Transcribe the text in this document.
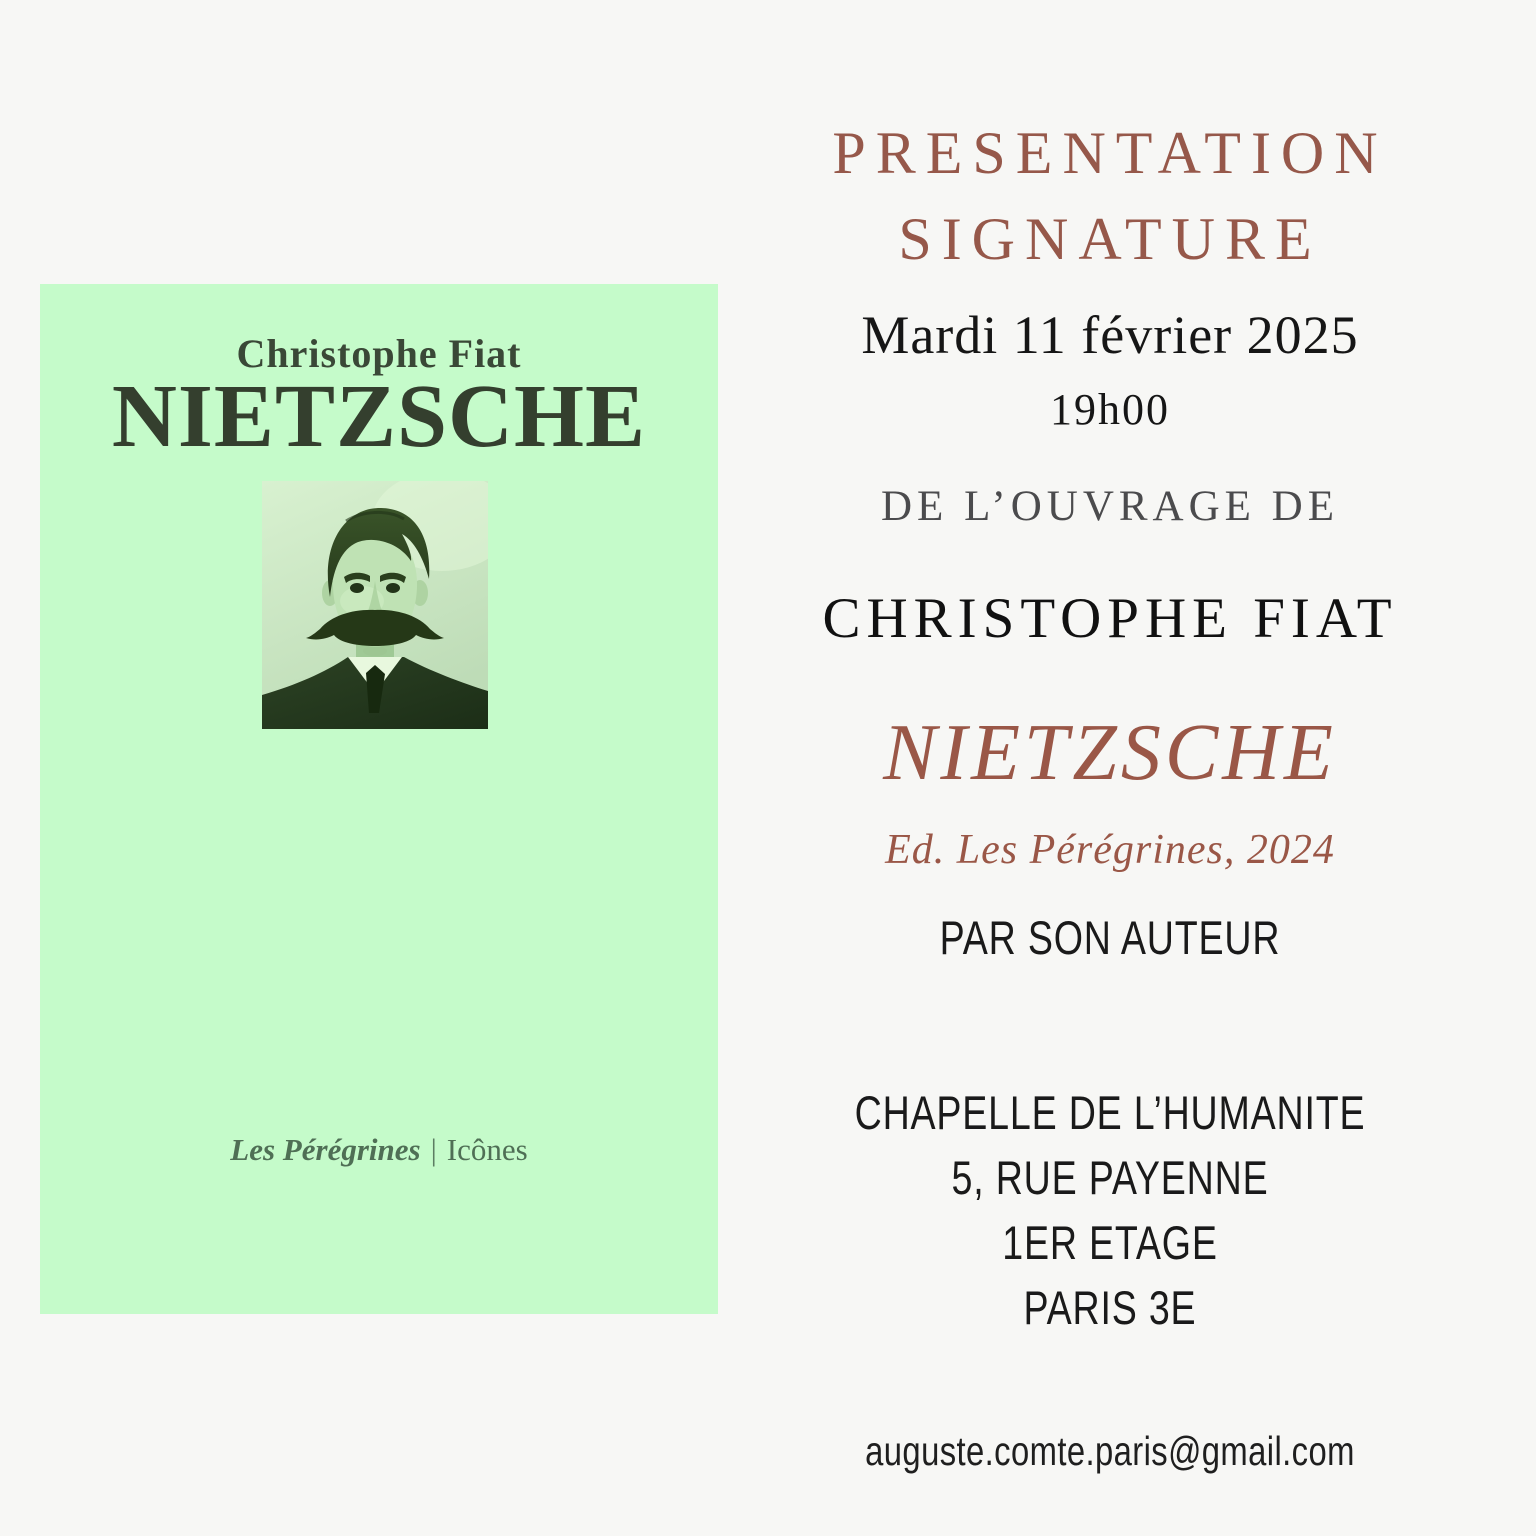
Christophe Fiat
NIETZSCHE
Les Pérégrines | Icônes
PRESENTATION
SIGNATURE
Mardi 11 février 2025
19h00
DE L’OUVRAGE DE
CHRISTOPHE FIAT
NIETZSCHE
Ed. Les Pérégrines, 2024
PAR SON AUTEUR
CHAPELLE DE L’HUMANITE
5, RUE PAYENNE
1ER ETAGE
PARIS 3E
auguste.comte.paris@gmail.com
